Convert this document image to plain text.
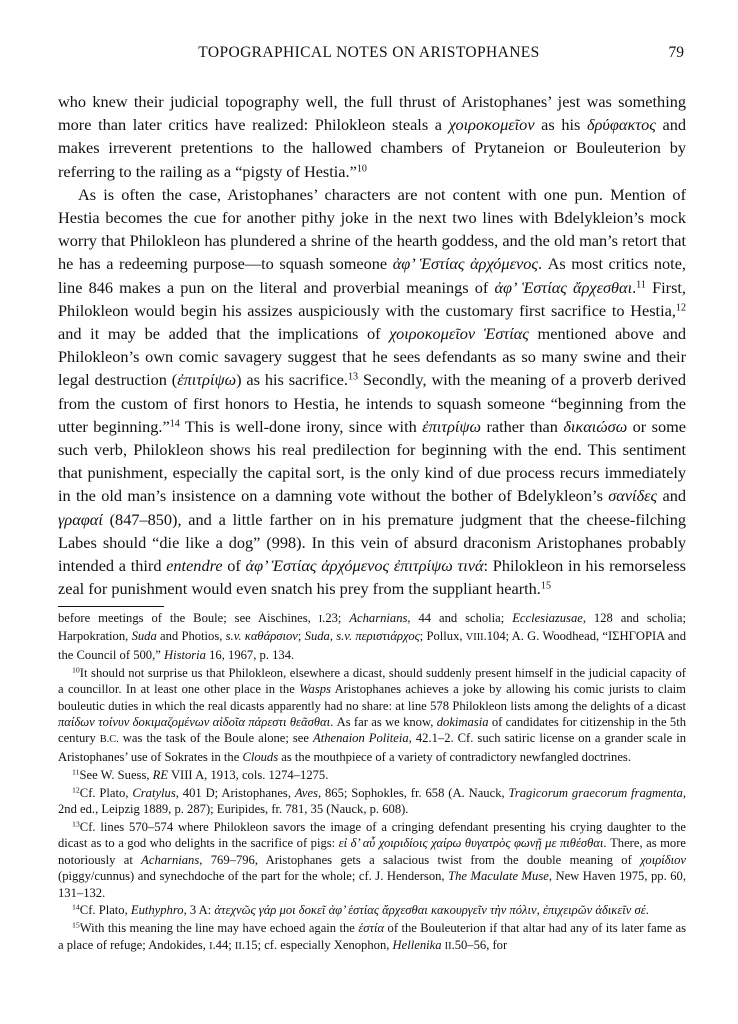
TOPOGRAPHICAL NOTES ON ARISTOPHANES	79

who knew their judicial topography well, the full thrust of Aristophanes’ jest was something more than later critics have realized: Philokleon steals a χοιροκομεῖον as his δρύφακτος and makes irreverent pretentions to the hallowed chambers of Prytaneion or Bouleuterion by referring to the railing as a “pigsty of Hestia.”$^{10}$

As is often the case, Aristophanes’ characters are not content with one pun. Mention of Hestia becomes the cue for another pithy joke in the next two lines with Bdelykleion’s mock worry that Philokleon has plundered a shrine of the hearth goddess, and the old man’s retort that he has a redeeming purpose—to squash someone ἀφ’ Ἑστίας ἀρχόμενος. As most critics note, line 846 makes a pun on the literal and proverbial meanings of ἀφ’ Ἑστίας ἄρχεσθαι.$^{11}$ First, Philokleon would begin his assizes auspiciously with the customary first sacrifice to Hestia,$^{12}$ and it may be added that the implications of χοιροκομεῖον Ἑστίας mentioned above and Philokleon’s own comic savagery suggest that he sees defendants as so many swine and their legal destruction (ἐπιτρίψω) as his sacrifice.$^{13}$ Secondly, with the meaning of a proverb derived from the custom of first honors to Hestia, he intends to squash someone “beginning from the utter beginning.”$^{14}$ This is well-done irony, since with ἐπιτρίψω rather than δικαιώσω or some such verb, Philokleon shows his real predilection for beginning with the end. This sentiment that punishment, especially the capital sort, is the only kind of due process recurs immediately in the old man’s insistence on a damning vote without the bother of Bdelykleon’s σανίδες and γραφαί (847–850), and a little farther on in his premature judgment that the cheese-filching Labes should “die like a dog” (998). In this vein of absurd draconism Aristophanes probably intended a third entendre of ἀφ’ Ἑστίας ἀρχόμενος ἐπιτρίψω τινά: Philokleon in his remorseless zeal for punishment would even snatch his prey from the suppliant hearth.$^{15}$

before meetings of the Boule; see Aischines, I.23; Acharnians, 44 and scholia; Ecclesiazusae, 128 and scholia; Harpokration, Suda and Photios, s.v. καθάρσιον; Suda, s.v. περιστιάρχος; Pollux, VIII.104; A. G. Woodhead, “ΙΣΗΓΟΡΙΑ and the Council of 500,” Historia 16, 1967, p. 134.

$^{10}$It should not surprise us that Philokleon, elsewhere a dicast, should suddenly present himself in the judicial capacity of a councillor. In at least one other place in the Wasps Aristophanes achieves a joke by allowing his comic jurists to claim bouleutic duties in which the real dicasts apparently had no share: at line 578 Philokleon lists among the delights of a dicast παίδων τοίνυν δοκιμαζομένων αἰδοῖα πάρεστι θεᾶσθαι. As far as we know, dokimasia of candidates for citizenship in the 5th century B.C. was the task of the Boule alone; see Athenaion Politeia, 42.1–2. Cf. such satiric license on a grander scale in Aristophanes’ use of Sokrates in the Clouds as the mouthpiece of a variety of contradictory newfangled doctrines.

$^{11}$See W. Suess, RE VIII A, 1913, cols. 1274–1275.

$^{12}$Cf. Plato, Cratylus, 401 D; Aristophanes, Aves, 865; Sophokles, fr. 658 (A. Nauck, Tragicorum graecorum fragmenta, 2nd ed., Leipzig 1889, p. 287); Euripides, fr. 781, 35 (Nauck, p. 608).

$^{13}$Cf. lines 570–574 where Philokleon savors the image of a cringing defendant presenting his crying daughter to the dicast as to a god who delights in the sacrifice of pigs: εἰ δ’ αὖ χοιριδίοις χαίρω θυγατρὸς φωνῇ με πιθέσθαι. There, as more notoriously at Acharnians, 769–796, Aristophanes gets a salacious twist from the double meaning of χοιρίδιον (piggy/cunnus) and synechdoche of the part for the whole; cf. J. Henderson, The Maculate Muse, New Haven 1975, pp. 60, 131–132.

$^{14}$Cf. Plato, Euthyphro, 3 A: ἀτεχνῶς γάρ μοι δοκεῖ ἀφ’ ἑστίας ἄρχεσθαι κακουργεῖν τὴν πόλιν, ἐπιχειρῶν ἀδικεῖν σέ.

$^{15}$With this meaning the line may have echoed again the ἑστία of the Bouleuterion if that altar had any of its later fame as a place of refuge; Andokides, I.44; II.15; cf. especially Xenophon, Hellenika II.50–56, for
